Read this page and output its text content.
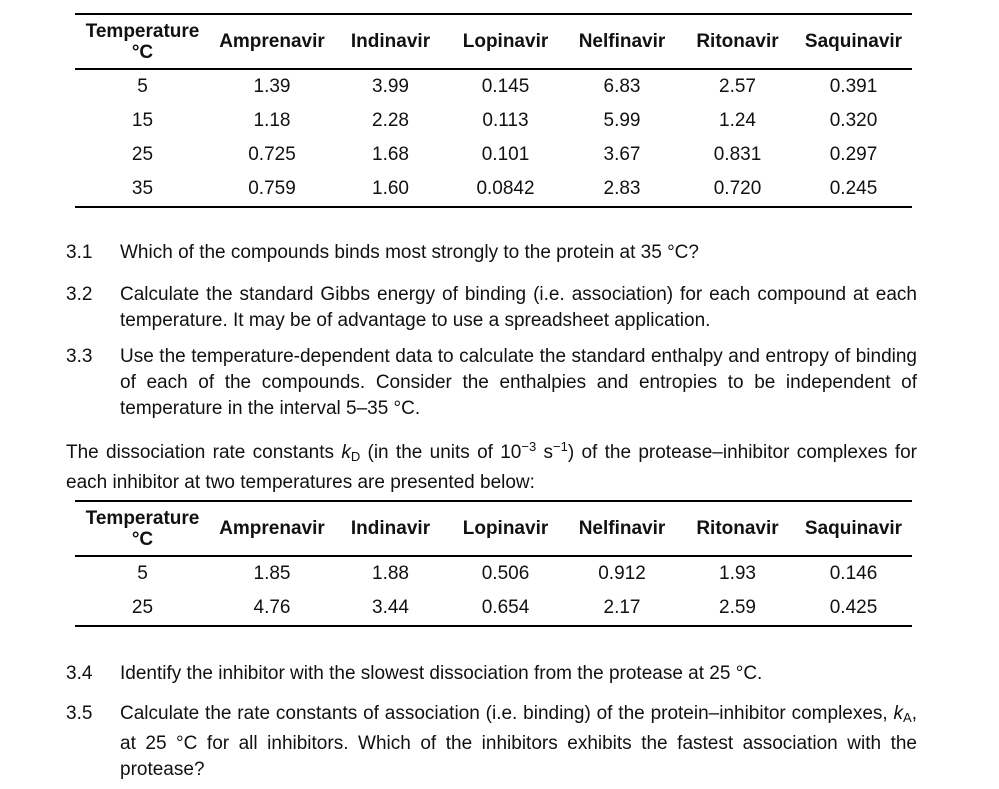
Temperature
°C	Amprenavir	Indinavir	Lopinavir	Nelfinavir	Ritonavir	Saquinavir
5	1.39	3.99	0.145	6.83	2.57	0.391
15	1.18	2.28	0.113	5.99	1.24	0.320
25	0.725	1.68	0.101	3.67	0.831	0.297
35	0.759	1.60	0.0842	2.83	0.720	0.245
3.1 Which of the compounds binds most strongly to the protein at 35 °C?
3.2 Calculate the standard Gibbs energy of binding (i.e. association) for each compound at each temperature. It may be of advantage to use a spreadsheet application.
3.3 Use the temperature-dependent data to calculate the standard enthalpy and entropy of binding of each of the compounds. Consider the enthalpies and entropies to be independent of temperature in the interval 5–35 °C.
The dissociation rate constants kD (in the units of $10^{-3}$ $s^{-1}$) of the protease–inhibitor complexes for each inhibitor at two temperatures are presented below:
Temperature
°C	Amprenavir	Indinavir	Lopinavir	Nelfinavir	Ritonavir	Saquinavir
5	1.85	1.88	0.506	0.912	1.93	0.146
25	4.76	3.44	0.654	2.17	2.59	0.425
3.4 Identify the inhibitor with the slowest dissociation from the protease at 25 °C.
3.5 Calculate the rate constants of association (i.e. binding) of the protein–inhibitor complexes, kA, at 25 °C for all inhibitors. Which of the inhibitors exhibits the fastest association with the protease?
